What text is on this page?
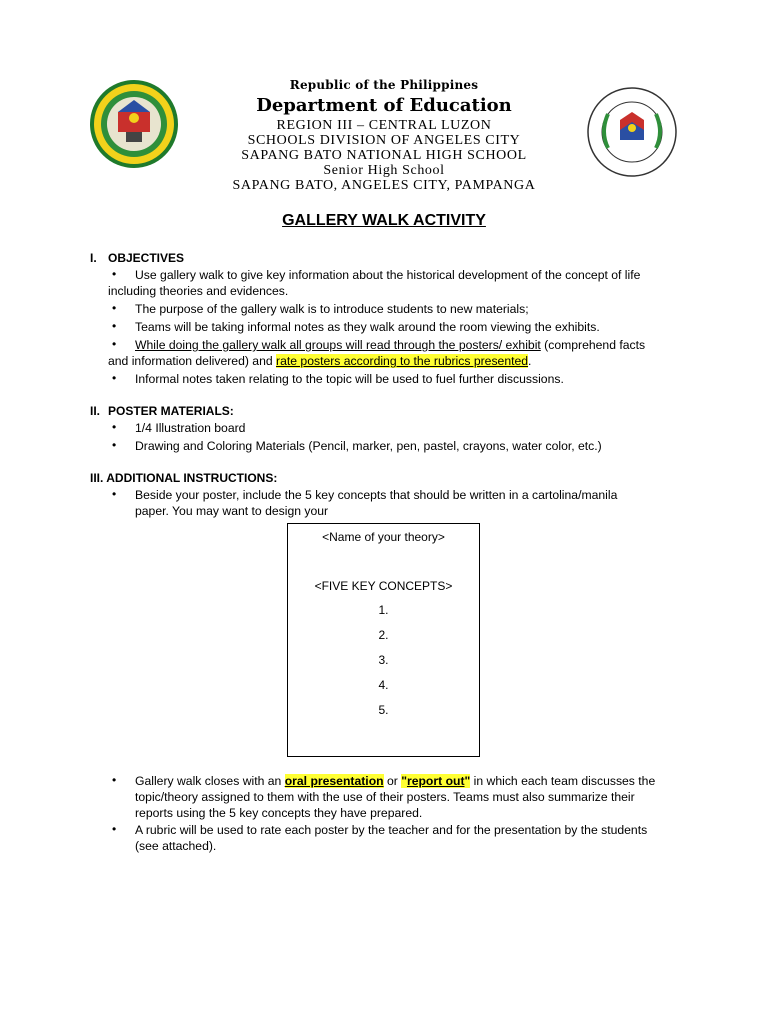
Republic of the Philippines
Department of Education
REGION III – CENTRAL LUZON
SCHOOLS DIVISION OF ANGELES CITY
SAPANG BATO NATIONAL HIGH SCHOOL
Senior High School
SAPANG BATO, ANGELES CITY, PAMPANGA
GALLERY WALK ACTIVITY
I. OBJECTIVES
•	Use gallery walk to give key information about the historical development of the concept of life
including theories and evidences.
•	The purpose of the gallery walk is to introduce students to new materials;
•	Teams will be taking informal notes as they walk around the room viewing the exhibits.
•	While doing the gallery walk all groups will read through the posters/ exhibit (comprehend facts
and information delivered) and rate posters according to the rubrics presented.
•	Informal notes taken relating to the topic will be used to fuel further discussions.
II. POSTER MATERIALS:
•	1/4 Illustration board
•	Drawing and Coloring Materials (Pencil, marker, pen, pastel, crayons, water color, etc.)
III. ADDITIONAL INSTRUCTIONS:
•	Beside your poster, include the 5 key concepts that should be written in a cartolina/manila
paper. You may want to design your
<Name of your theory>
<FIVE KEY CONCEPTS>
1.
2.
3.
4.
5.
•	Gallery walk closes with an oral presentation or "report out" in which each team discusses the
topic/theory assigned to them with the use of their posters. Teams must also summarize their
reports using the 5 key concepts they have prepared.
•	A rubric will be used to rate each poster by the teacher and for the presentation by the students
(see attached).
